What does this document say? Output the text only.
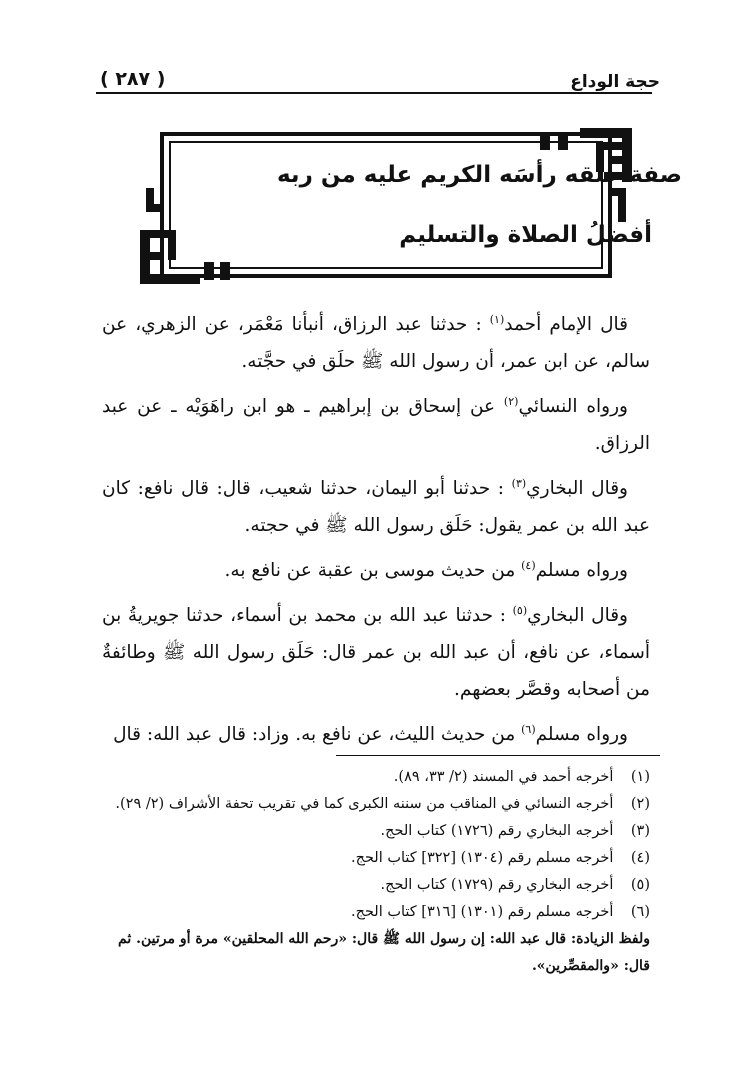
حجة الوداع
( ٢٨٧ )
صفة حلْقه رأسَه الكريم عليه من ربه
أفضلُ الصلاة والتسليم

قال الإمام أحمد$^{(١)}$ : حدثنا عبد الرزاق، أنبأنا مَعْمَر، عن الزهري، عن سالم، عن ابن عمر، أن رسول الله ﷺ حلَق في حجَّته.

ورواه النسائي$^{(٢)}$ عن إسحاق بن إبراهيم ـ هو ابن راهَوَيْه ـ عن عبد الرزاق.

وقال البخاري$^{(٣)}$ : حدثنا أبو اليمان، حدثنا شعيب، قال: قال نافع: كان عبد الله بن عمر يقول: حَلَق رسول الله ﷺ في حجته.

ورواه مسلم$^{(٤)}$ من حديث موسى بن عقبة عن نافع به.

وقال البخاري$^{(٥)}$ : حدثنا عبد الله بن محمد بن أسماء، حدثنا جويريةُ بن أسماء، عن نافع، أن عبد الله بن عمر قال: حَلَق رسول الله ﷺ وطائفةٌ من أصحابه وقصَّر بعضهم.

ورواه مسلم$^{(٦)}$ من حديث الليث، عن نافع به. وزاد: قال عبد الله: قال

(١) أخرجه أحمد في المسند (٢/ ٣٣، ٨٩).

(٢) أخرجه النسائي في المناقب من سننه الكبرى كما في تقريب تحفة الأشراف (٢/ ٢٩).

(٣) أخرجه البخاري رقم (١٧٢٦) كتاب الحج.

(٤) أخرجه مسلم رقم (١٣٠٤) [٣٢٢] كتاب الحج.

(٥) أخرجه البخاري رقم (١٧٢٩) كتاب الحج.

(٦) أخرجه مسلم رقم (١٣٠١) [٣١٦] كتاب الحج.

ولفظ الزيادة: قال عبد الله: إن رسول الله ﷺ قال: «رحم الله المحلقين» مرة أو مرتين. ثم قال: «والمقصِّرين».
